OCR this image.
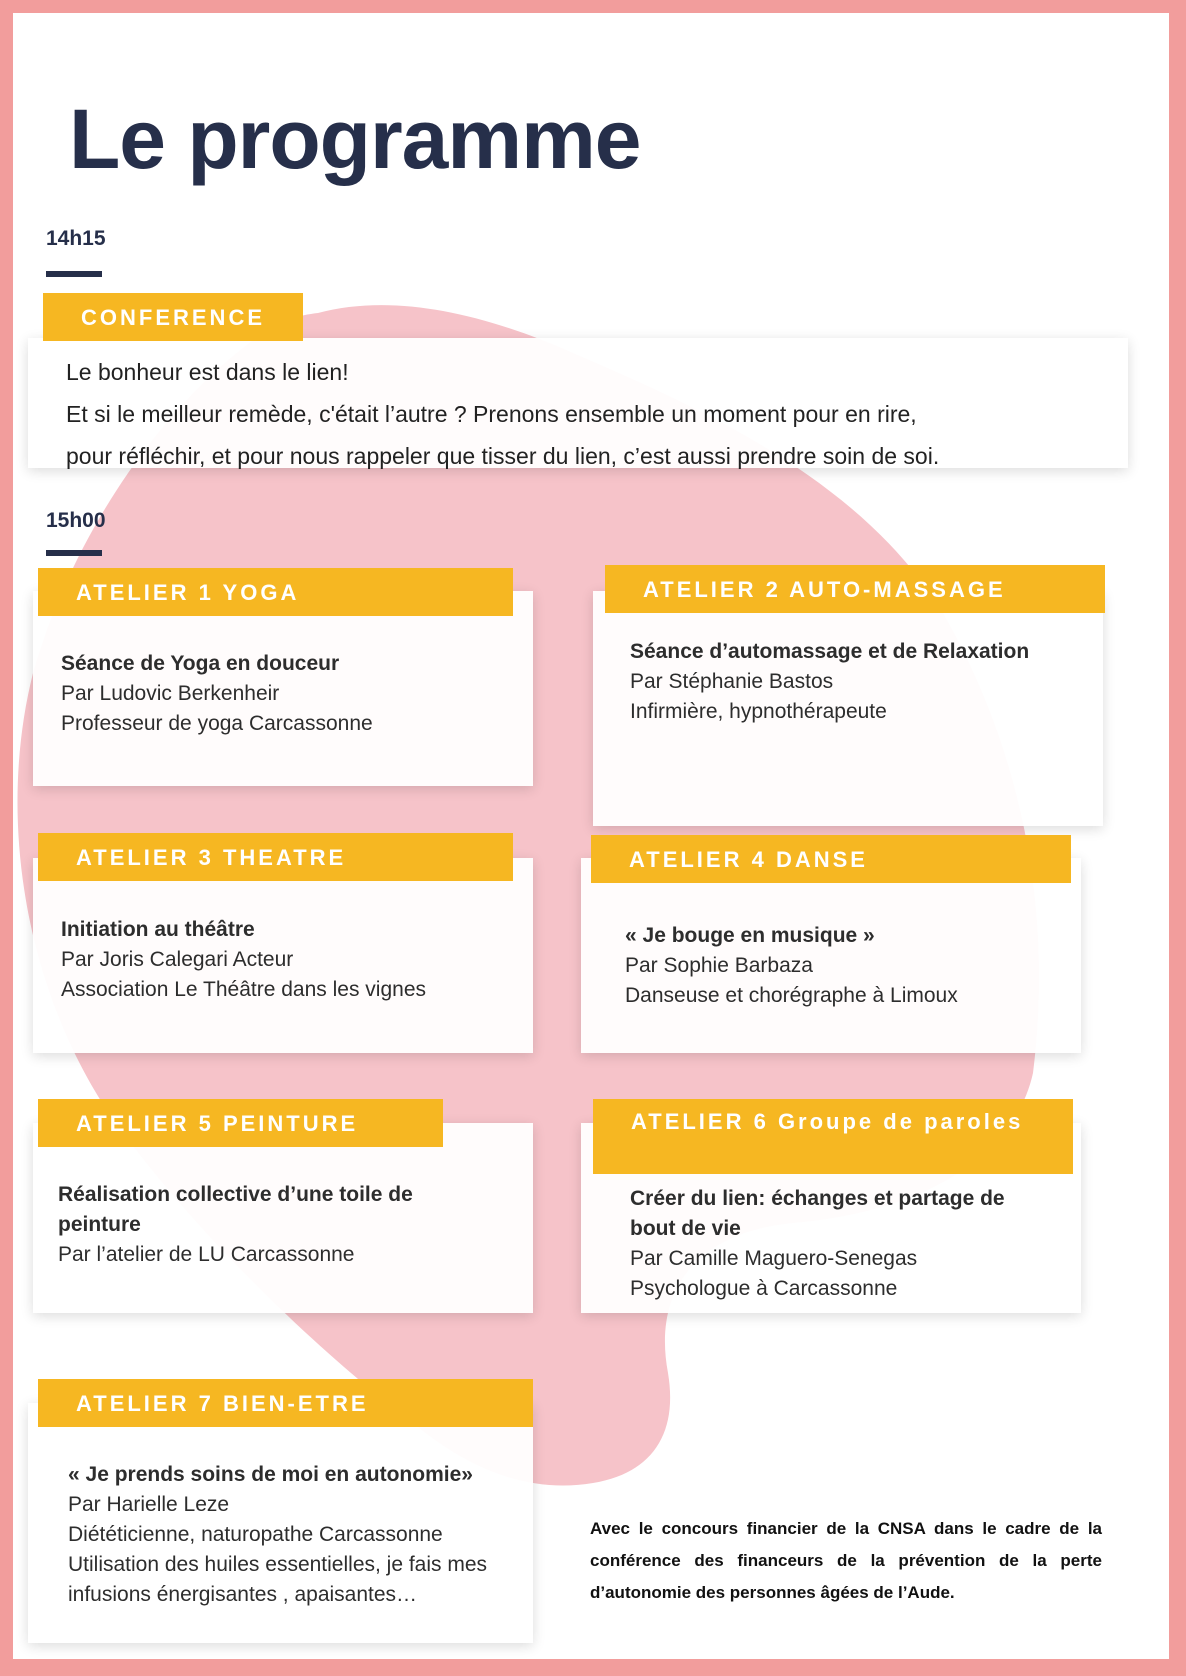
Le programme
14h15
CONFERENCE
Le bonheur est dans le lien!
Et si le meilleur remède, c'était l’autre ? Prenons ensemble un moment pour en rire,
pour réfléchir, et pour nous rappeler que tisser du lien, c’est aussi prendre soin de soi.
15h00
ATELIER 1 YOGA
Séance de Yoga en douceur
Par Ludovic Berkenheir
Professeur de yoga Carcassonne
ATELIER 2 AUTO-MASSAGE
Séance d’automassage et de Relaxation
Par Stéphanie Bastos
Infirmière, hypnothérapeute
ATELIER 3 THEATRE
Initiation au théâtre
Par Joris Calegari Acteur
Association Le Théâtre dans les vignes
ATELIER 4 DANSE
« Je bouge en musique »
Par Sophie Barbaza
Danseuse et chorégraphe à Limoux
ATELIER 5 PEINTURE
Réalisation collective d’une toile de peinture
Par l’atelier de LU Carcassonne
ATELIER 6 Groupe de paroles
Créer du lien: échanges et partage de bout de vie
Par Camille Maguero-Senegas
Psychologue à Carcassonne
ATELIER 7 BIEN-ETRE
« Je prends soins de moi en autonomie»
Par Harielle Leze
Diététicienne, naturopathe Carcassonne
Utilisation des huiles essentielles, je fais mes infusions énergisantes , apaisantes…
Avec le concours financier de la CNSA dans le cadre de la conférence des financeurs de la prévention de la perte d’autonomie des personnes âgées de l’Aude.
